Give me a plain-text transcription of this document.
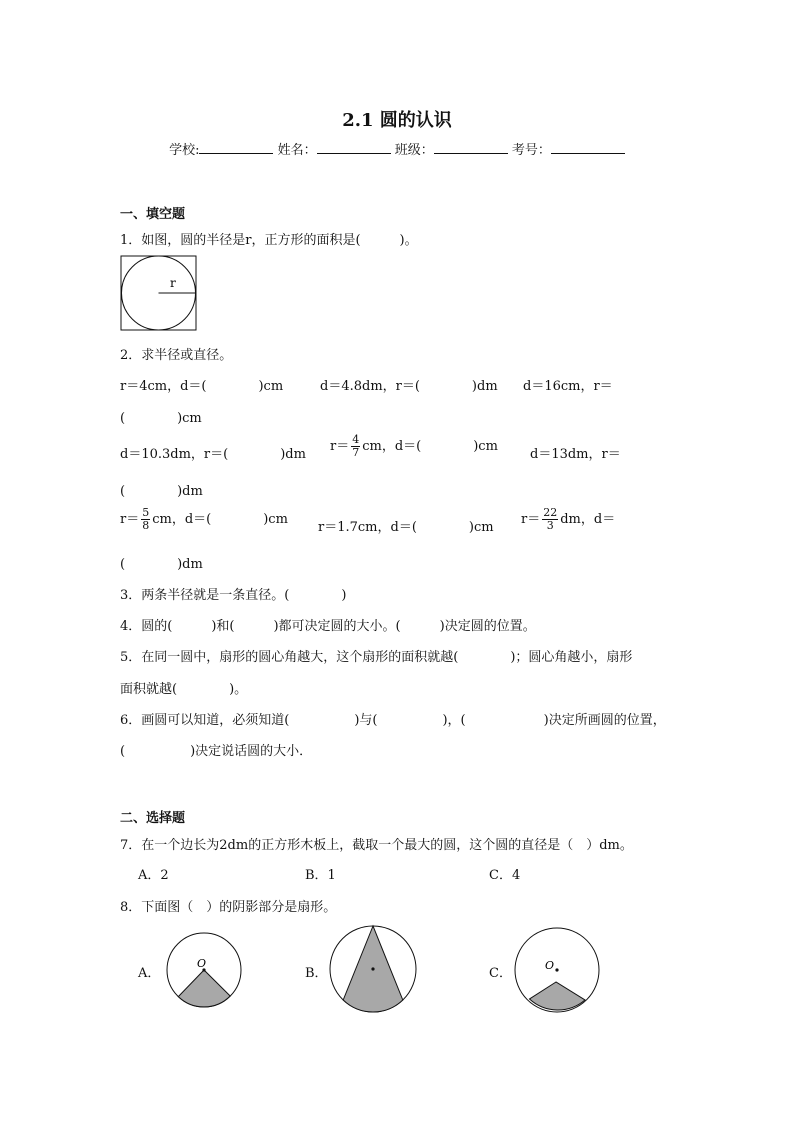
2.1 圆的认识
学校:	姓名：	班级：	考号：
一、填空题
1．如图，圆的半径是r，正方形的面积是(　　　)。
r
2．求半径或直径。
r＝4cm，d＝(　　　　)cm	d＝4.8dm，r＝(　　　　)dm d＝16cm，r＝
(　　　　)cm
d＝10.3dm，r＝(　　　　)dm
$r= \frac{4}{7}$ cm，d＝(　　　　)cm
d＝13dm，r＝
(　　　　)dm
$r= \frac{5}{8}$ cm，d＝(　　　　)cm
r＝1.7cm，d＝(　　　　)cm
$r= \frac{22}{3}$ dm，d＝
(　　　　)dm
3．两条半径就是一条直径。(　　　　)
4．圆的(　　　)和(　　　)都可决定圆的大小。(　　　)决定圆的位置。
5．在同一圆中，扇形的圆心角越大，这个扇形的面积就越(　　　　)；圆心角越小，扇形
面积就越(　　　　)。
6．画圆可以知道，必须知道(　　　　　)与(　　　　　)，(　　　　　　)决定所画圆的位置，
(　　　　　)决定说话圆的大小．
二、选择题
7．在一个边长为2dm的正方形木板上，截取一个最大的圆，这个圆的直径是（　）dm。
A．2	B．1	C．4
8．下面图（　）的阴影部分是扇形。
A．	B．	C．
O	O
